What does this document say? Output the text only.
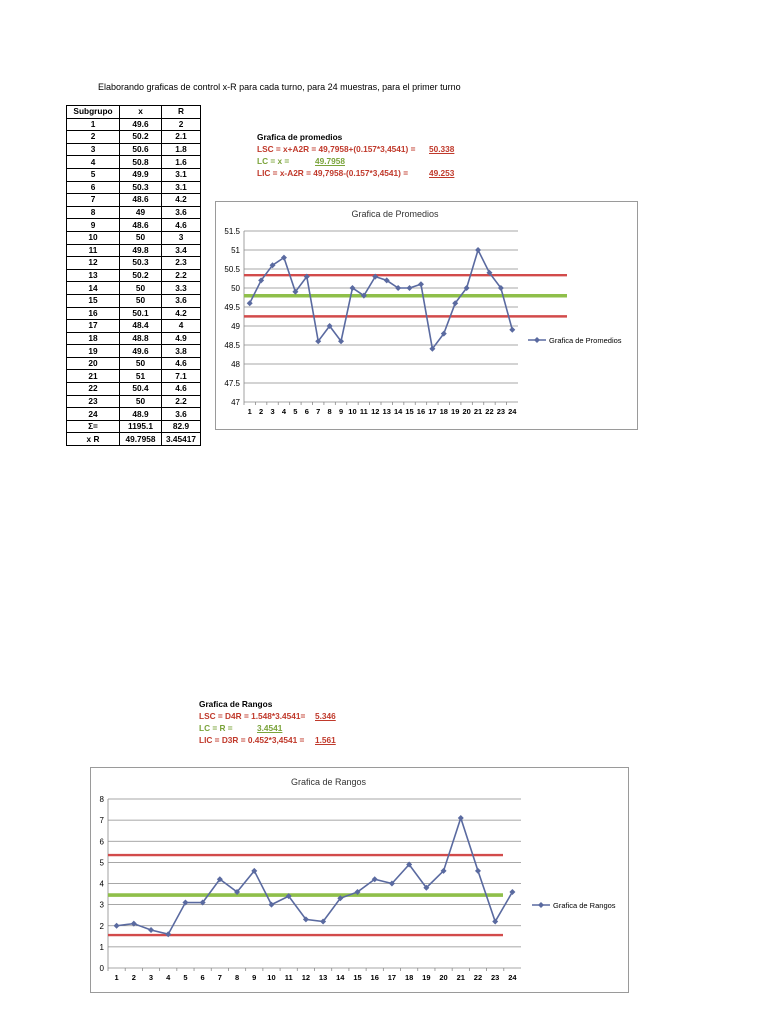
Elaborando graficas de control x-R para cada turno, para 24 muestras, para el primer turno
Subgrupo	x	R
1	49.6	2
2	50.2	2.1
3	50.6	1.8
4	50.8	1.6
5	49.9	3.1
6	50.3	3.1
7	48.6	4.2
8	49	3.6
9	48.6	4.6
10	50	3
11	49.8	3.4
12	50.3	2.3
13	50.2	2.2
14	50	3.3
15	50	3.6
16	50.1	4.2
17	48.4	4
18	48.8	4.9
19	49.6	3.8
20	50	4.6
21	51	7.1
22	50.4	4.6
23	50	2.2
24	48.9	3.6
Σ=	1195.1	82.9
x R	49.7958	3.45417
Grafica de promedios
LSC = x+A2R = 49,7958+(0.157*3,4541) = 50.338
LC = x =	49.7958
LIC = x-A2R = 49,7958-(0.157*3,4541) =	49.253
Grafica de Promedios
47
47.5
48
48.5
49
49.5
50
50.5
51
51.5
1 2 3 4 5 6 7 8 9 10 11 12 13 14 15 16 17 18 19 20 21 22 23 24
Grafica de Promedios
Grafica de Rangos
LSC = D4R = 1.548*3.4541= 5.346
LC = R =	3.4541
LIC = D3R = 0.452*3,4541 = 1.561
Grafica de Rangos
0
1
2
3
4
5
6
7
8
1 2 3 4 5 6 7 8 9 10 11 12 13 14 15 16 17 18 19 20 21 22 23 24
Grafica de Rangos
